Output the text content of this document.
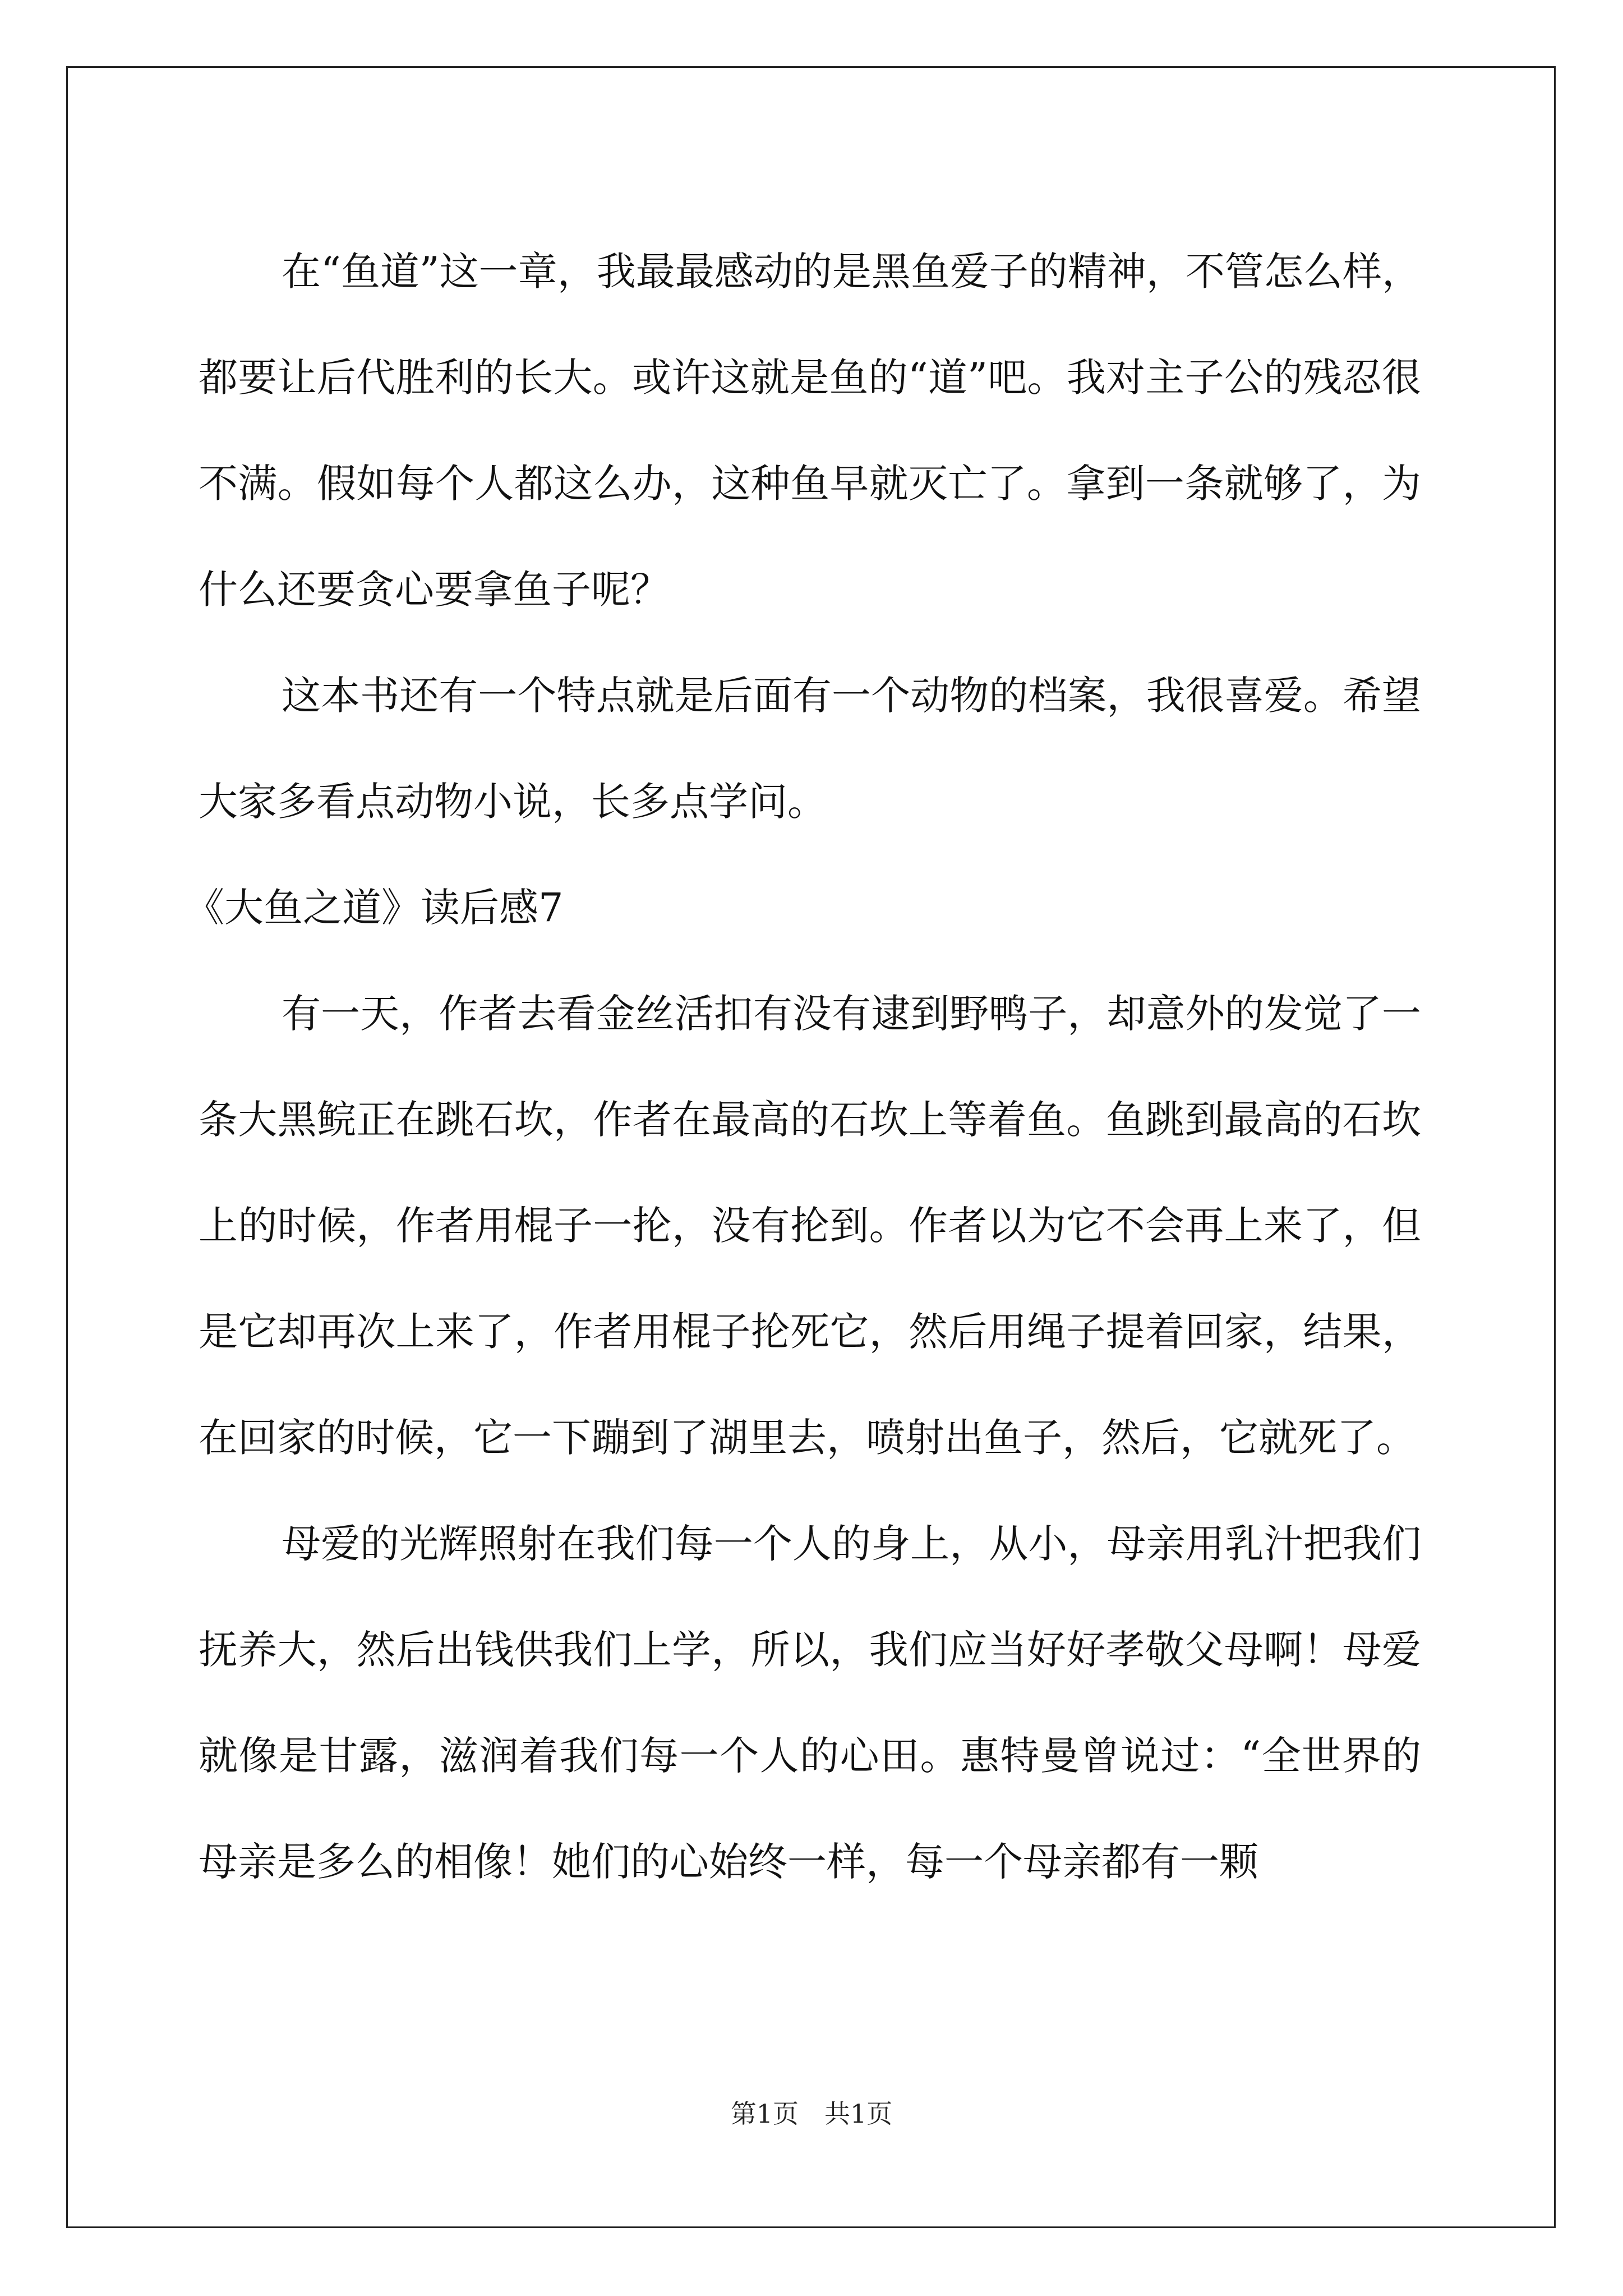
在“鱼道”这一章，我最最感动的是黑鱼爱子的精神，不管怎么样，都要让后代胜利的长大。或许这就是鱼的“道”吧。我对主子公的残忍很不满。假如每个人都这么办，这种鱼早就灭亡了。拿到一条就够了，为什么还要贪心要拿鱼子呢？

这本书还有一个特点就是后面有一个动物的档案，我很喜爱。希望大家多看点动物小说，长多点学问。

《大鱼之道》读后感7

有一天，作者去看金丝活扣有没有逮到野鸭子，却意外的发觉了一条大黑鲩正在跳石坎，作者在最高的石坎上等着鱼。鱼跳到最高的石坎上的时候，作者用棍子一抡，没有抡到。作者以为它不会再上来了，但是它却再次上来了，作者用棍子抡死它，然后用绳子提着回家，结果，在回家的时候，它一下蹦到了湖里去，喷射出鱼子，然后，它就死了。

母爱的光辉照射在我们每一个人的身上，从小，母亲用乳汁把我们抚养大，然后出钱供我们上学，所以，我们应当好好孝敬父母啊！母爱就像是甘露，滋润着我们每一个人的心田。惠特曼曾说过：“全世界的母亲是多么的相像！她们的心始终一样，每一个母亲都有一颗

第1页　共1页
